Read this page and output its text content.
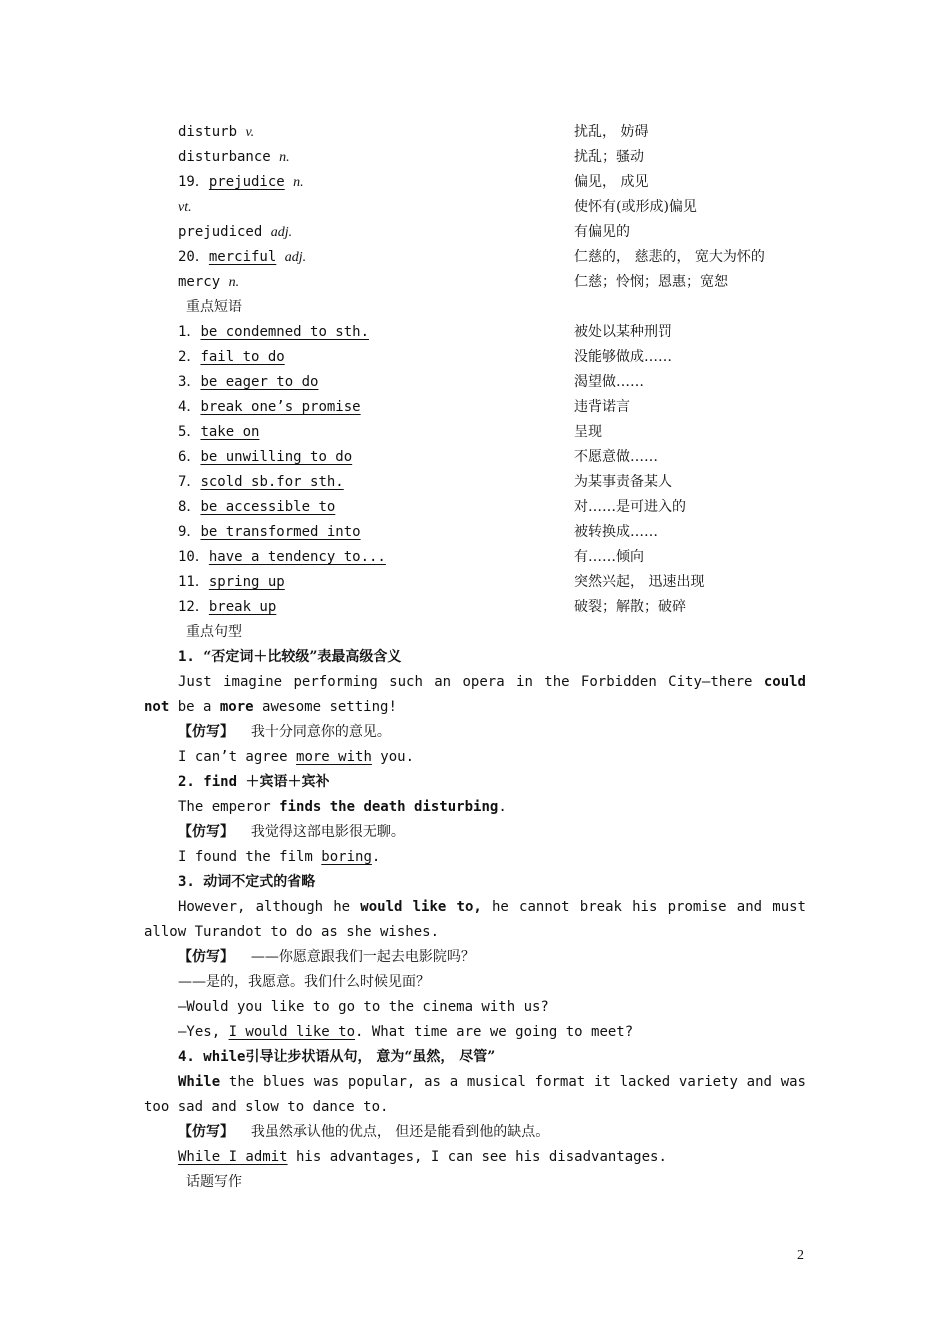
disturb v.	扰乱， 妨碍
disturbance n.	扰乱；骚动
19．prejudice n.	偏见， 成见
vt.	使怀有(或形成)偏见
prejudiced adj.	有偏见的
20．merciful adj.	仁慈的， 慈悲的， 宽大为怀的
mercy n.	仁慈；怜悯；恩惠；宽恕
重点短语
1．be condemned to sth.	被处以某种刑罚
2．fail to do	没能够做成……
3．be eager to do	渴望做……
4．break one’s promise	违背诺言
5．take on	呈现
6．be unwilling to do	不愿意做……
7．scold sb.for sth.	为某事责备某人
8．be accessible to	对……是可进入的
9．be transformed into	被转换成……
10．have a tendency to...	有……倾向
11．spring up	突然兴起， 迅速出现
12．break up	破裂；解散；破碎
重点句型
1. “否定词＋比较级”表最高级含义
Just imagine performing such an opera in the Forbidden City—there could
not be a more awesome setting!
【仿写】 我十分同意你的意见。
I can’t agree more with you.
2. find ＋宾语＋宾补
The emperor finds the death disturbing.
【仿写】 我觉得这部电影很无聊。
I found the film boring.
3. 动词不定式的省略
However, although he would like to, he cannot break his promise and must
allow Turandot to do as she wishes.
【仿写】 ——你愿意跟我们一起去电影院吗？
——是的，我愿意。我们什么时候见面？
—Would you like to go to the cinema with us?
—Yes, I would like to. What time are we going to meet?
4. while引导让步状语从句， 意为“虽然， 尽管”
While the blues was popular, as a musical format it lacked variety and was
too sad and slow to dance to.
【仿写】 我虽然承认他的优点， 但还是能看到他的缺点。
While I admit his advantages, I can see his disadvantages.
话题写作
2
